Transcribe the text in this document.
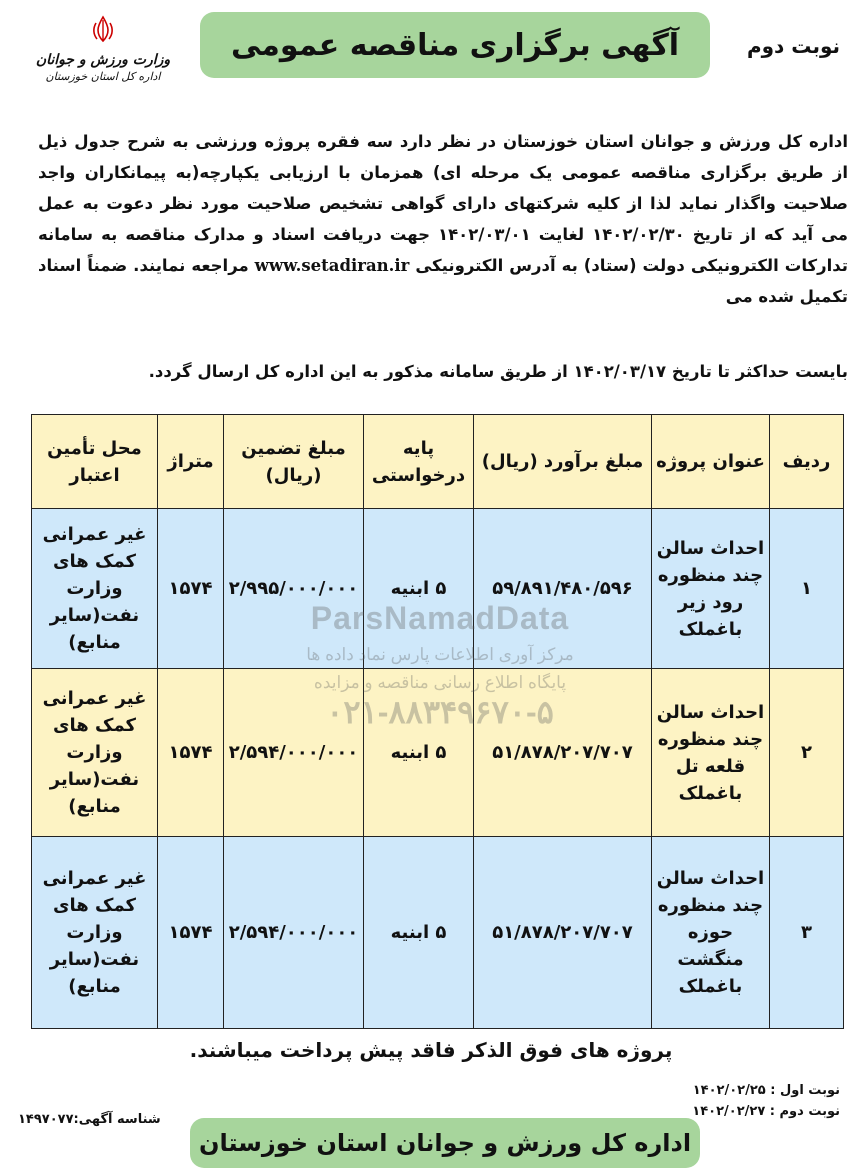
نوبت دوم
آگهی برگزاری مناقصه عمومی
وزارت ورزش و جوانان
اداره کل استان خوزستان
اداره کل ورزش و جوانان استان خوزستان در نظر دارد سه فقره پروژه ورزشی به شرح جدول ذیل از طریق برگزاری مناقصه عمومی یک مرحله ای) همزمان با ارزیابی یکپارچه(به پیمانکاران واجد صلاحیت واگذار نماید لذا از کلیه شرکتهای دارای گواهی تشخیص صلاحیت مورد نظر دعوت به عمل می آید که از تاریخ ۱۴۰۲/۰۲/۳۰ لغایت ۱۴۰۲/۰۳/۰۱ جهت دریافت اسناد و مدارک مناقصه به سامانه تدارکات الکترونیکی دولت (ستاد) به آدرس الکترونیکی www.setadiran.ir مراجعه نمایند. ضمناً اسناد تکمیل شده می
بایست حداکثر تا تاریخ ۱۴۰۲/۰۳/۱۷ از طریق سامانه مذکور به این اداره کل ارسال گردد.
ردیف	عنوان پروژه	مبلغ برآورد (ریال)	پایه درخواستی	مبلغ تضمین (ریال)	متراژ	محل تأمین اعتبار
۱	احداث سالن چند منظوره رود زیر باغملک	۵۹/۸۹۱/۴۸۰/۵۹۶	۵ ابنیه	۲/۹۹۵/۰۰۰/۰۰۰	۱۵۷۴	غیر عمرانی کمک های وزارت نفت(سایر منابع)
۲	احداث سالن چند منظوره قلعه تل باغملک	۵۱/۸۷۸/۲۰۷/۷۰۷	۵ ابنیه	۲/۵۹۴/۰۰۰/۰۰۰	۱۵۷۴	غیر عمرانی کمک های وزارت نفت(سایر منابع)
۳	احداث سالن چند منظوره حوزه منگشت باغملک	۵۱/۸۷۸/۲۰۷/۷۰۷	۵ ابنیه	۲/۵۹۴/۰۰۰/۰۰۰	۱۵۷۴	غیر عمرانی کمک های وزارت نفت(سایر منابع)
ParsNamadData
مرکز آوری اطلاعات پارس نماد داده ها
پایگاه اطلاع رسانی مناقصه و مزایده
۰۲۱-۸۸۳۴۹۶۷۰-۵
پروژه های فوق الذکر فاقد پیش پرداخت میباشند.
نوبت اول : ۱۴۰۲/۰۲/۲۵
نوبت دوم : ۱۴۰۲/۰۲/۲۷
شناسه آگهی:۱۴۹۷۰۷۷
اداره کل ورزش و جوانان استان خوزستان
